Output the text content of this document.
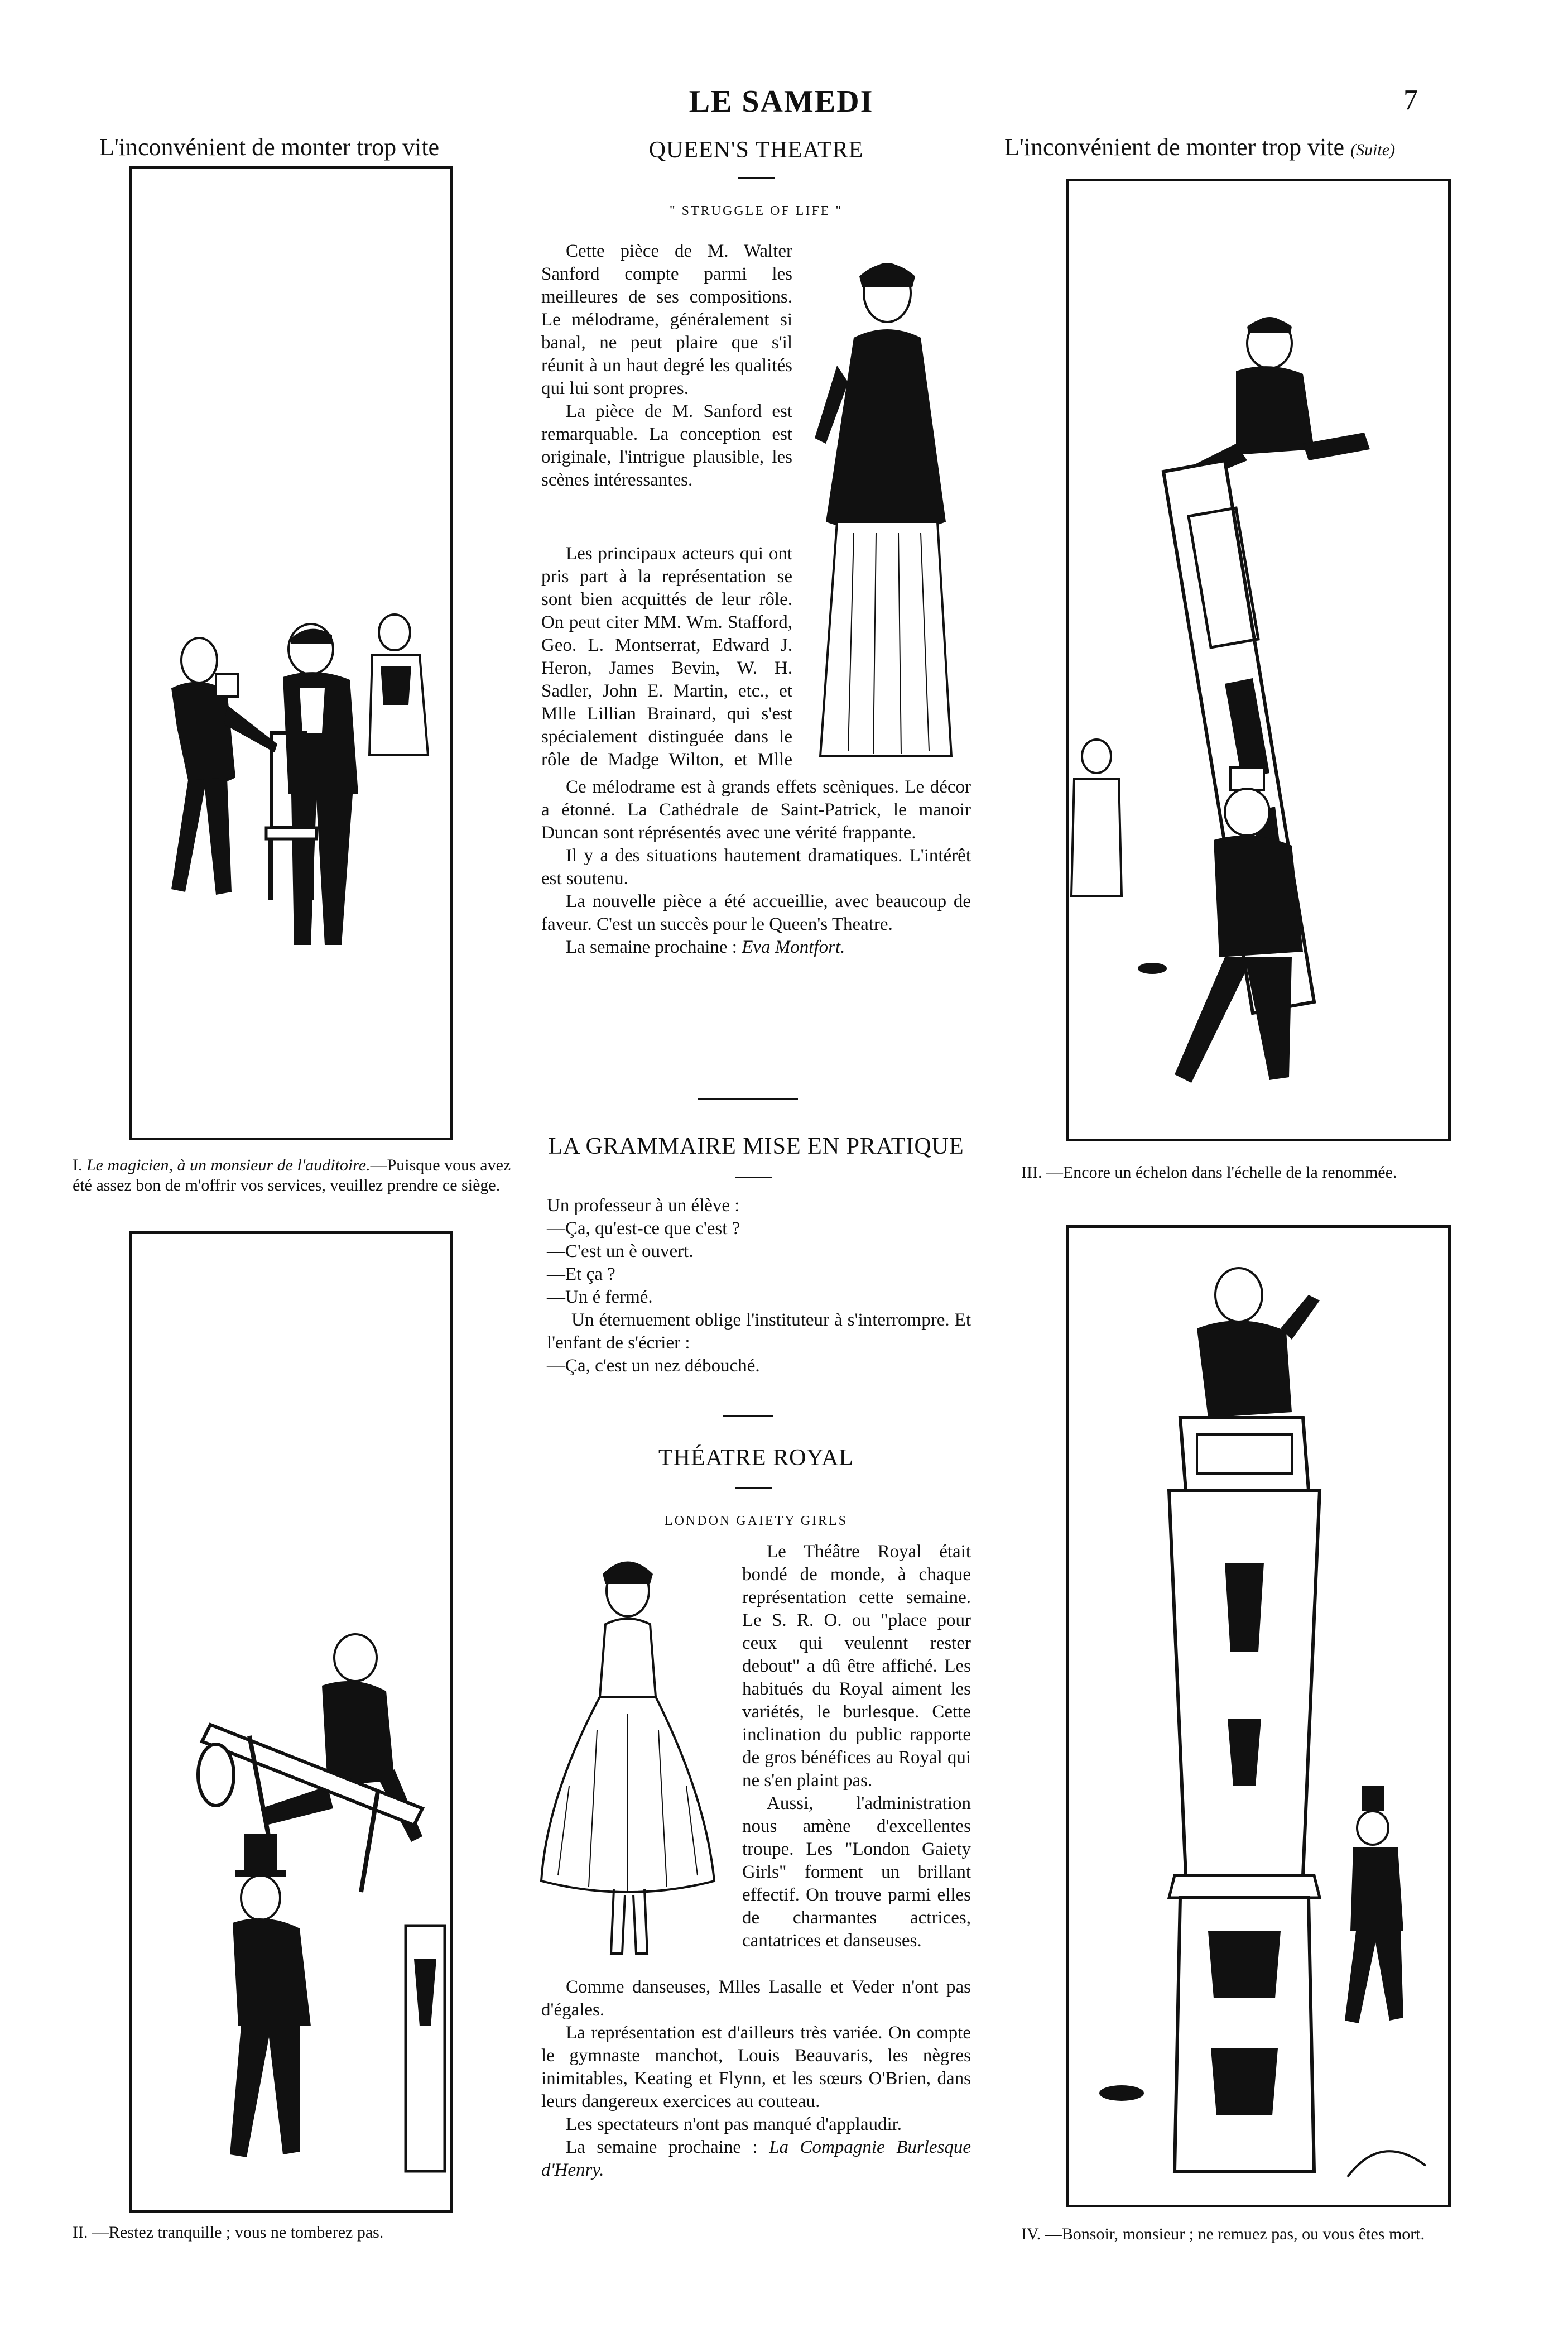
LE SAMEDI	7
L'inconvénient de monter trop vite
I. Le magicien, à un monsieur de l'auditoire.—Puisque vous avez été assez bon de m'offrir vos services, veuillez prendre ce siège.
II. —Restez tranquille ; vous ne tomberez pas.
QUEEN'S THEATRE
" STRUGGLE OF LIFE "

Cette pièce de M. Walter Sanford compte parmi les meilleures de ses compositions. Le mélodrame, généralement si banal, ne peut plaire que s'il réunit à un haut degré les qualités qui lui sont propres.

La pièce de M. Sanford est remarquable. La conception est originale, l'intrigue plausible, les scènes intéressantes.

Les principaux acteurs qui ont pris part à la représentation se sont bien acquittés de leur rôle. On peut citer MM. Wm. Stafford, Geo. L. Montserrat, Edward J. Heron, James Bevin, W. H. Sadler, John E. Martin, etc., et Mlle Lillian Brainard, qui s'est spécialement distinguée dans le rôle de Madge Wilton, et Mlle

Ce mélodrame est à grands effets scèniques. Le décor a étonné. La Cathédrale de Saint-Patrick, le manoir Duncan sont réprésentés avec une vérité frappante.

Il y a des situations hautement dramatiques. L'intérêt est soutenu.

La nouvelle pièce a été accueillie, avec beaucoup de faveur. C'est un succès pour le Queen's Theatre.

La semaine prochaine : Eva Montfort.

LA GRAMMAIRE MISE EN PRATIQUE

Un professeur à un élève :

—Ça, qu'est-ce que c'est ?

—C'est un è ouvert.

—Et ça ?

—Un é fermé.

Un éternuement oblige l'instituteur à s'interrompre. Et l'enfant de s'écrier :

—Ça, c'est un nez débouché.

THÉATRE ROYAL
LONDON GAIETY GIRLS

Le Théâtre Royal était bondé de monde, à chaque représentation cette semaine. Le S. R. O. ou "place pour ceux qui veulennt rester debout" a dû être affiché. Les habitués du Royal aiment les variétés, le burlesque. Cette inclination du public rapporte de gros bénéfices au Royal qui ne s'en plaint pas.

Aussi, l'administration nous amène d'excellentes troupe. Les "London Gaiety Girls" forment un brillant effectif. On trouve parmi elles de charmantes actrices, cantatrices et danseuses.

Comme danseuses, Mlles Lasalle et Veder n'ont pas d'égales.

La représentation est d'ailleurs très variée. On compte le gymnaste manchot, Louis Beauvaris, les nègres inimitables, Keating et Flynn, et les sœurs O'Brien, dans leurs dangereux exercices au couteau.

Les spectateurs n'ont pas manqué d'applaudir.

La semaine prochaine : La Compagnie Burlesque d'Henry.

L'inconvénient de monter trop vite (Suite)
III. —Encore un échelon dans l'échelle de la renommée.
IV. —Bonsoir, monsieur ; ne remuez pas, ou vous êtes mort.
